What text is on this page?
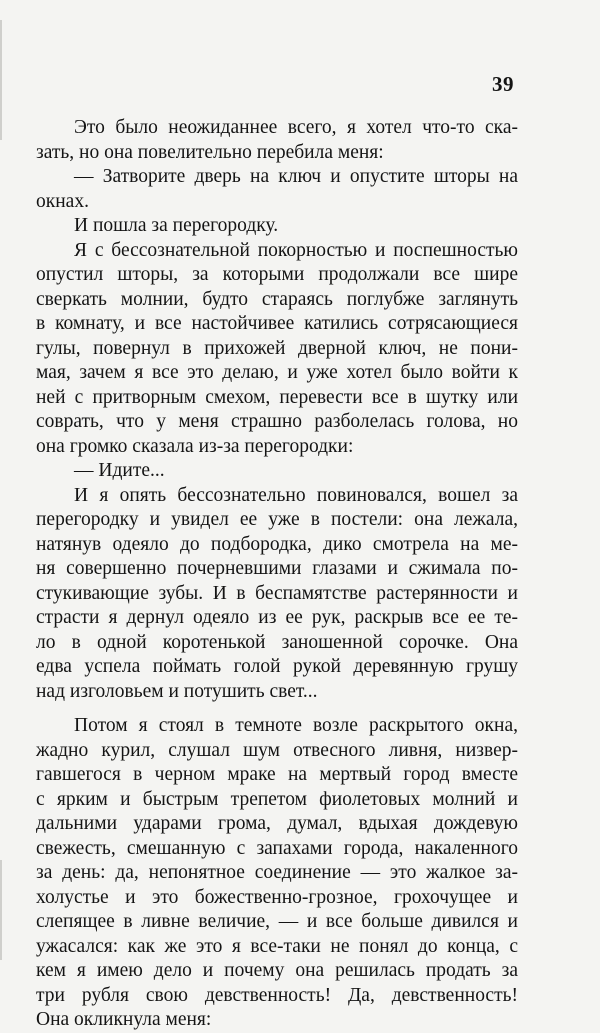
39
Это было неожиданнее всего, я хотел что-то ска-
зать, но она повелительно перебила меня:
— Затворите дверь на ключ и опустите шторы на
окнах.
И пошла за перегородку.
Я с бессознательной покорностью и поспешностью
опустил шторы, за которыми продолжали все шире
сверкать молнии, будто стараясь поглубже заглянуть
в комнату, и все настойчивее катились сотрясающиеся
гулы, повернул в прихожей дверной ключ, не пони-
мая, зачем я все это делаю, и уже хотел было войти к
ней с притворным смехом, перевести все в шутку или
соврать, что у меня страшно разболелась голова, но
она громко сказала из-за перегородки:
— Идите...
И я опять бессознательно повиновался, вошел за
перегородку и увидел ее уже в постели: она лежала,
натянув одеяло до подбородка, дико смотрела на ме-
ня совершенно почерневшими глазами и сжимала по-
стукивающие зубы. И в беспамятстве растерянности и
страсти я дернул одеяло из ее рук, раскрыв все ее те-
ло в одной коротенькой заношенной сорочке. Она
едва успела поймать голой рукой деревянную грушу
над изголовьем и потушить свет...
Потом я стоял в темноте возле раскрытого окна,
жадно курил, слушал шум отвесного ливня, низвер-
гавшегося в черном мраке на мертвый город вместе
с ярким и быстрым трепетом фиолетовых молний и
дальними ударами грома, думал, вдыхая дождевую
свежесть, смешанную с запахами города, накаленного
за день: да, непонятное соединение — это жалкое за-
холустье и это божественно-грозное, грохочущее и
слепящее в ливне величие, — и все больше дивился и
ужасался: как же это я все-таки не понял до конца, с
кем я имею дело и почему она решилась продать за
три рубля свою девственность! Да, девственность!
Она окликнула меня:
